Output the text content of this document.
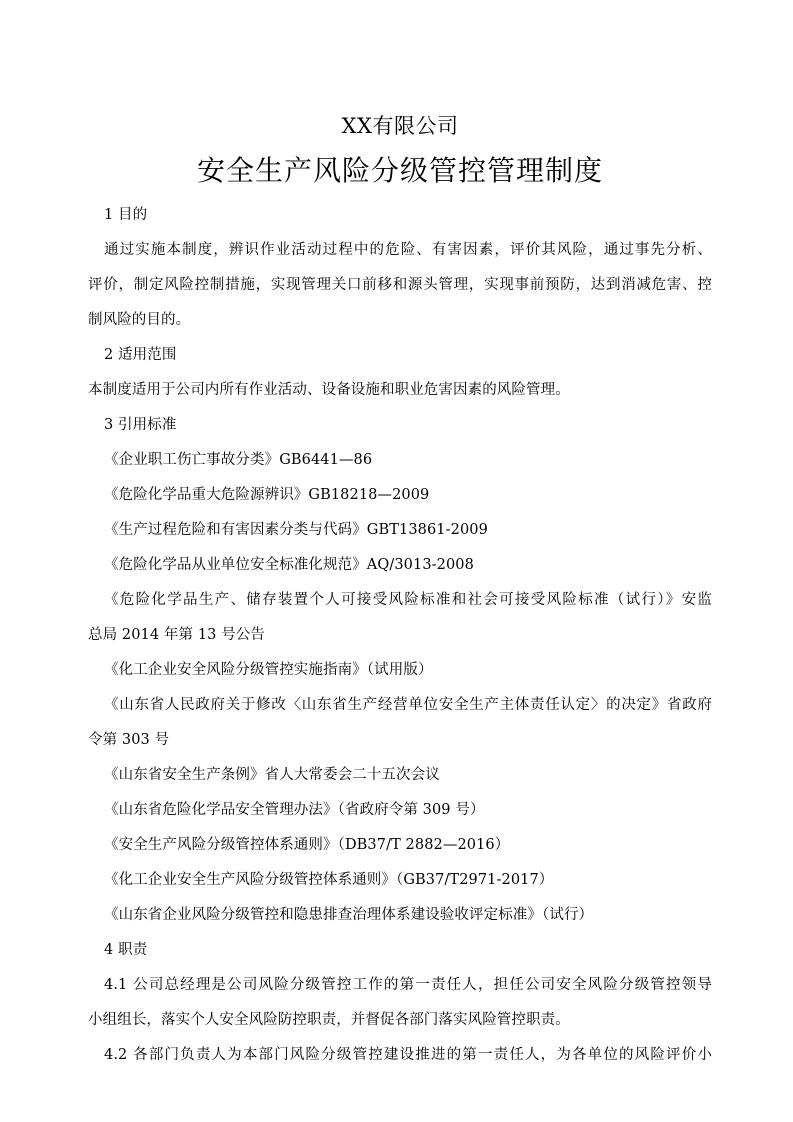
XX有限公司
安全生产风险分级管控管理制度
1 目的
通过实施本制度，辨识作业活动过程中的危险、有害因素，评价其风险，通过事先分析、
评价，制定风险控制措施，实现管理关口前移和源头管理，实现事前预防，达到消减危害、控
制风险的目的。
2 适用范围
本制度适用于公司内所有作业活动、设备设施和职业危害因素的风险管理。
3 引用标准
《企业职工伤亡事故分类》GB6441—86
《危险化学品重大危险源辨识》GB18218—2009
《生产过程危险和有害因素分类与代码》GBT13861-2009
《危险化学品从业单位安全标准化规范》AQ/3013-2008
《危险化学品生产、储存装置个人可接受风险标准和社会可接受风险标准（试行）》安监
总局 2014 年第 13 号公告
《化工企业安全风险分级管控实施指南》（试用版）
《山东省人民政府关于修改〈山东省生产经营单位安全生产主体责任认定〉的决定》省政府
令第 303 号
《山东省安全生产条例》省人大常委会二十五次会议
《山东省危险化学品安全管理办法》（省政府令第 309 号）
《安全生产风险分级管控体系通则》（DB37/T 2882—2016）
《化工企业安全生产风险分级管控体系通则》（GB37/T2971-2017）
《山东省企业风险分级管控和隐患排查治理体系建设验收评定标准》（试行）
4 职责
4.1 公司总经理是公司风险分级管控工作的第一责任人，担任公司安全风险分级管控领导
小组组长，落实个人安全风险防控职责，并督促各部门落实风险管控职责。
4.2 各部门负责人为本部门风险分级管控建设推进的第一责任人，为各单位的风险评价小
